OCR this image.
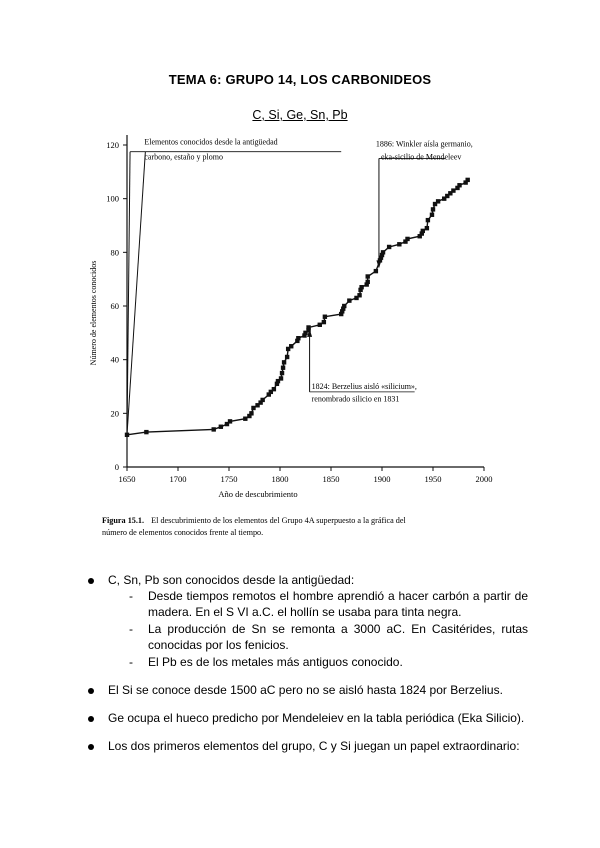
TEMA 6: GRUPO 14, LOS CARBONIDEOS
C, Si, Ge, Sn, Pb
1650	1700	1750	1800	1850	1900	1950	2000
0
20
40
60
80
100
120	Elementos conocidos desde la antigüedad
carbono, estaño y plomo
1886: Winkler aísla germanio,
eka-sicilio de Mendeleev
1824: Berzelius aisló «silicium»,
renombrado silicio en 1831
Año de descubrimiento
Número de elementos conocidos
Figura 15.1. El descubrimiento de los elementos del Grupo 4A superpuesto a la gráfica del
número de elementos conocidos frente al tiempo.
C, Sn, Pb son conocidos desde la antigüedad:
- Desde tiempos remotos el hombre aprendió a hacer carbón a partir de madera. En el S VI a.C. el hollín se usaba para tinta negra.
- La producción de Sn se remonta a 3000 aC. En Casitérides, rutas conocidas por los fenicios.
- El Pb es de los metales más antiguos conocido.
El Si se conoce desde 1500 aC pero no se aisló hasta 1824 por Berzelius.
Ge ocupa el hueco predicho por Mendeleiev en la tabla periódica (Eka Silicio).
Los dos primeros elementos del grupo, C y Si juegan un papel extraordinario:
